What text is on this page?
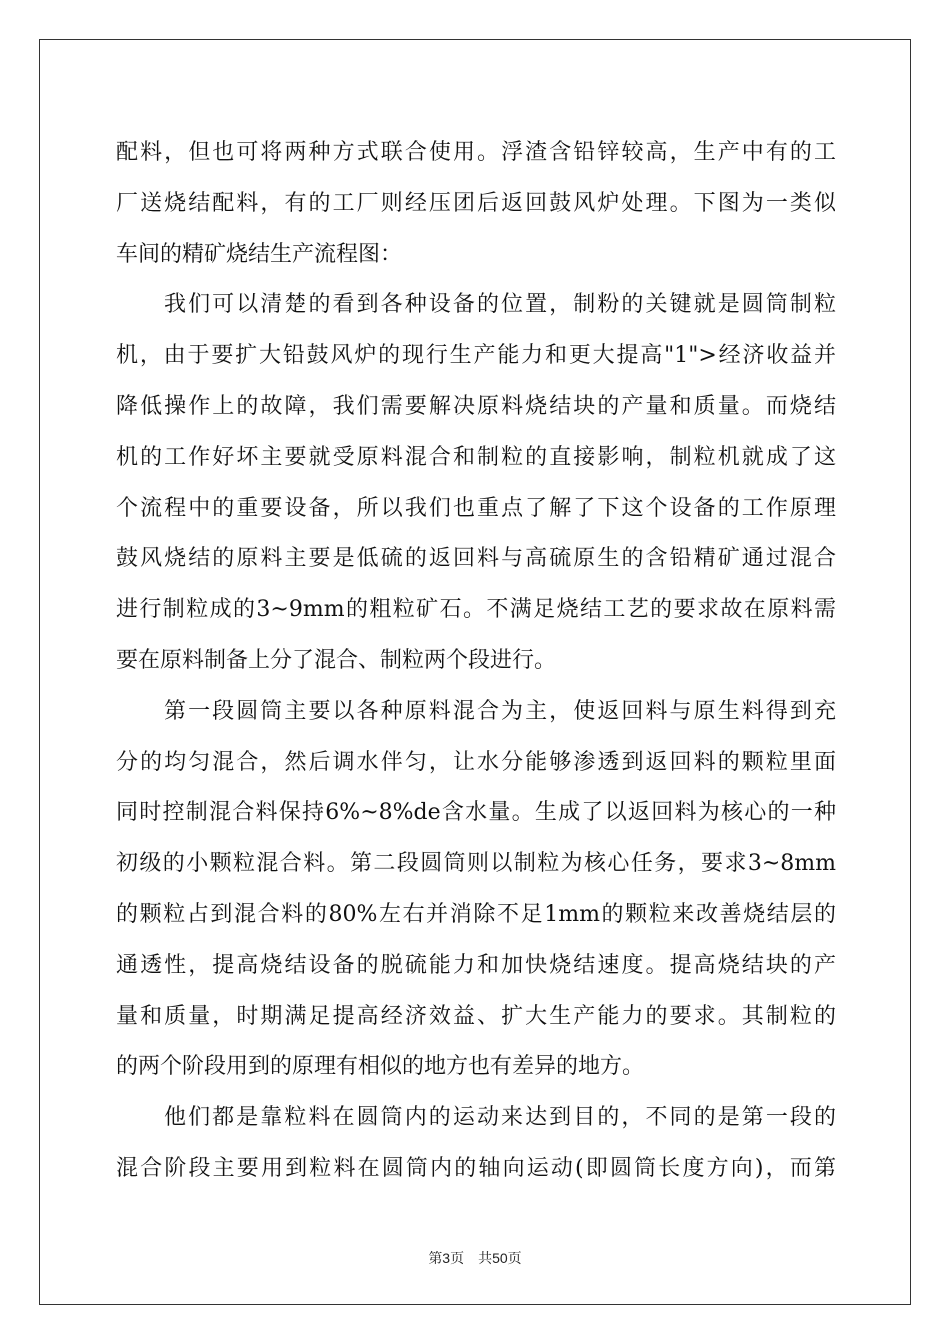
配料，但也可将两种方式联合使用。浮渣含铅锌较高，生产中有的工
厂送烧结配料，有的工厂则经压团后返回鼓风炉处理。下图为一类似
车间的精矿烧结生产流程图：
我们可以清楚的看到各种设备的位置，制粉的关键就是圆筒制粒
机，由于要扩大铅鼓风炉的现行生产能力和更大提高"1">经济收益并
降低操作上的故障，我们需要解决原料烧结块的产量和质量。而烧结
机的工作好坏主要就受原料混合和制粒的直接影响，制粒机就成了这
个流程中的重要设备，所以我们也重点了解了下这个设备的工作原理
鼓风烧结的原料主要是低硫的返回料与高硫原生的含铅精矿通过混合
进行制粒成的3~9mm的粗粒矿石。不满足烧结工艺的要求故在原料需
要在原料制备上分了混合、制粒两个段进行。
第一段圆筒主要以各种原料混合为主，使返回料与原生料得到充
分的均匀混合，然后调水伴匀，让水分能够渗透到返回料的颗粒里面
同时控制混合料保持6%~8%de含水量。生成了以返回料为核心的一种
初级的小颗粒混合料。第二段圆筒则以制粒为核心任务，要求3~8mm
的颗粒占到混合料的80%左右并消除不足1mm的颗粒来改善烧结层的
通透性，提高烧结设备的脱硫能力和加快烧结速度。提高烧结块的产
量和质量，时期满足提高经济效益、扩大生产能力的要求。其制粒的
的两个阶段用到的原理有相似的地方也有差异的地方。
他们都是靠粒料在圆筒内的运动来达到目的，不同的是第一段的
混合阶段主要用到粒料在圆筒内的轴向运动(即圆筒长度方向)，而第
第3页 共50页
